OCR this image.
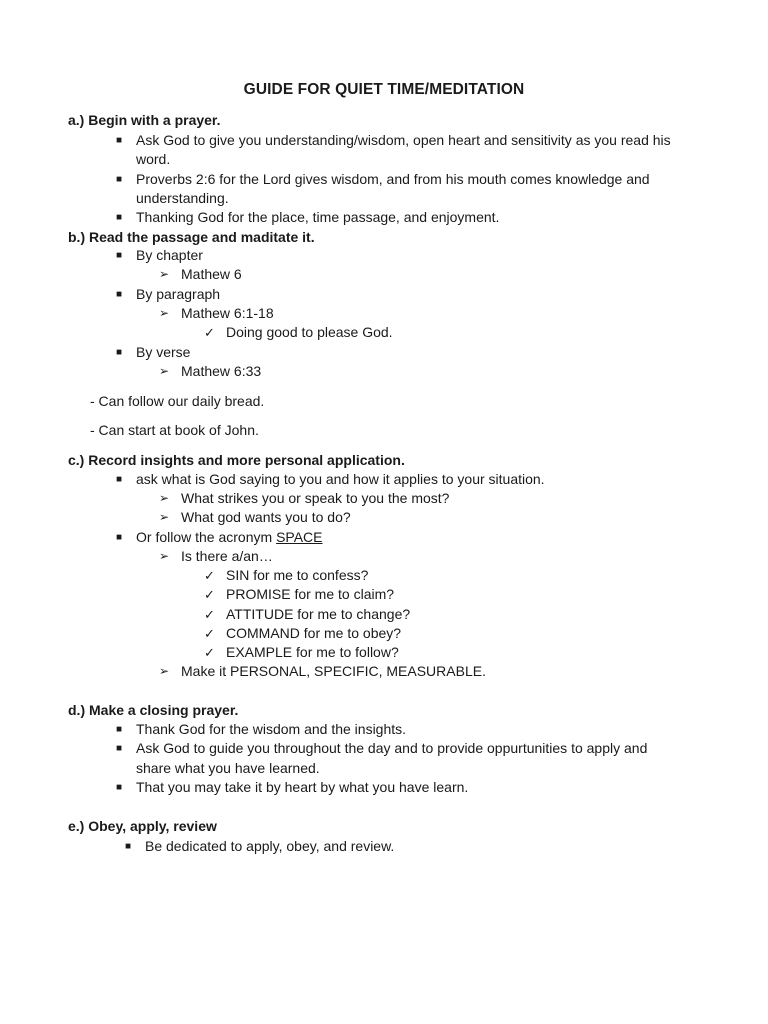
GUIDE FOR QUIET TIME/MEDITATION
a.) Begin with a prayer.
■ Ask God to give you understanding/wisdom, open heart and sensitivity as you read his
word.
■ Proverbs 2:6 for the Lord gives wisdom, and from his mouth comes knowledge and
understanding.
■ Thanking God for the place, time passage, and enjoyment.
b.) Read the passage and maditate it.
■ By chapter
➢ Mathew 6
■ By paragraph
➢ Mathew 6:1-18
✓ Doing good to please God.
■ By verse
➢ Mathew 6:33
- Can follow our daily bread.
- Can start at book of John.
c.) Record insights and more personal application.
■ ask what is God saying to you and how it applies to your situation.
➢ What strikes you or speak to you the most?
➢ What god wants you to do?
■ Or follow the acronym SPACE
➢ Is there a/an…
✓ SIN for me to confess?
✓ PROMISE for me to claim?
✓ ATTITUDE for me to change?
✓ COMMAND for me to obey?
✓ EXAMPLE for me to follow?
➢ Make it PERSONAL, SPECIFIC, MEASURABLE.
d.) Make a closing prayer.
■ Thank God for the wisdom and the insights.
■ Ask God to guide you throughout the day and to provide oppurtunities to apply and
share what you have learned.
■ That you may take it by heart by what you have learn.
e.) Obey, apply, review
■ Be dedicated to apply, obey, and review.
